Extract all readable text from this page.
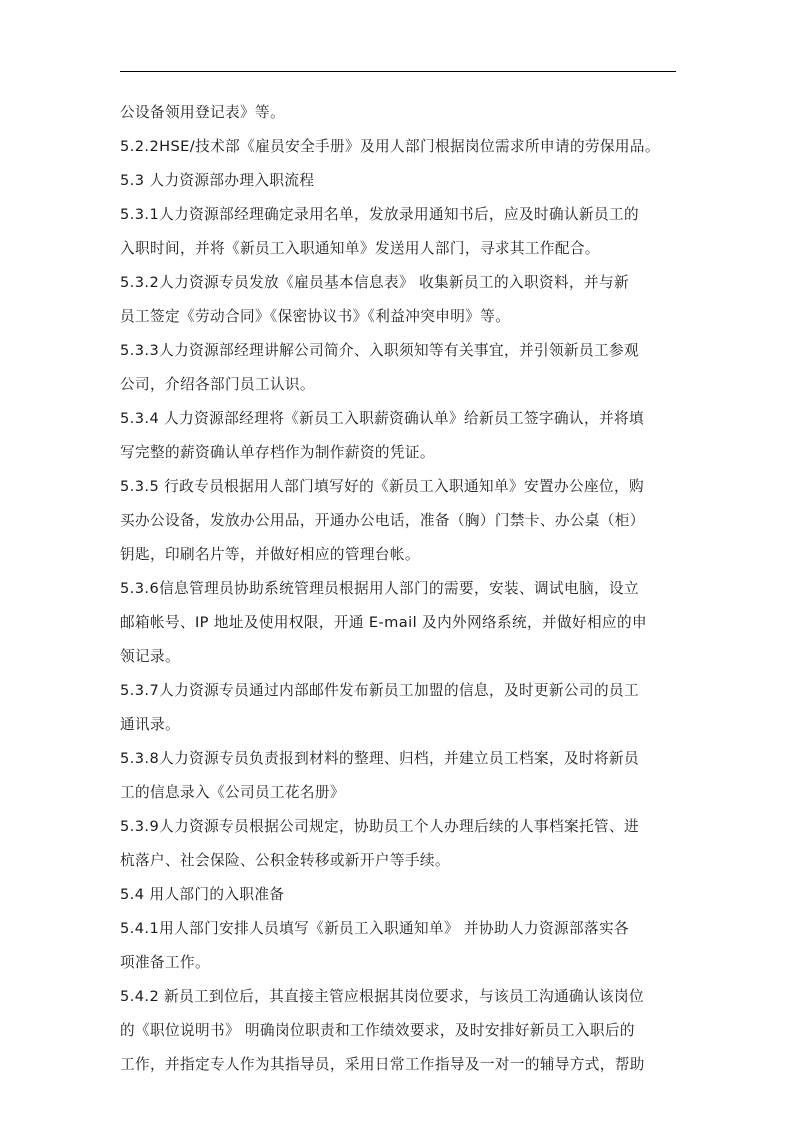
公设备领用登记表》等。
5.2.2HSE/技术部《雇员安全手册》及用人部门根据岗位需求所申请的劳保用品。
5.3 人力资源部办理入职流程
5.3.1人力资源部经理确定录用名单，发放录用通知书后，应及时确认新员工的
入职时间，并将《新员工入职通知单》发送用人部门，寻求其工作配合。
5.3.2人力资源专员发放《雇员基本信息表》 收集新员工的入职资料，并与新
员工签定《劳动合同》《保密协议书》《利益冲突申明》等。
5.3.3人力资源部经理讲解公司简介、入职须知等有关事宜，并引领新员工参观
公司，介绍各部门员工认识。
5.3.4 人力资源部经理将《新员工入职薪资确认单》给新员工签字确认，并将填
写完整的薪资确认单存档作为制作薪资的凭证。
5.3.5 行政专员根据用人部门填写好的《新员工入职通知单》安置办公座位，购
买办公设备，发放办公用品，开通办公电话，准备（胸）门禁卡、办公桌（柜）
钥匙，印刷名片等，并做好相应的管理台帐。
5.3.6信息管理员协助系统管理员根据用人部门的需要，安装、调试电脑，设立
邮箱帐号、IP 地址及使用权限，开通 E-mail 及内外网络系统，并做好相应的申
领记录。
5.3.7人力资源专员通过内部邮件发布新员工加盟的信息，及时更新公司的员工
通讯录。
5.3.8人力资源专员负责报到材料的整理、归档，并建立员工档案，及时将新员
工的信息录入《公司员工花名册》
5.3.9人力资源专员根据公司规定，协助员工个人办理后续的人事档案托管、进
杭落户、社会保险、公积金转移或新开户等手续。
5.4 用人部门的入职准备
5.4.1用人部门安排人员填写《新员工入职通知单》 并协助人力资源部落实各
项准备工作。
5.4.2 新员工到位后，其直接主管应根据其岗位要求，与该员工沟通确认该岗位
的《职位说明书》 明确岗位职责和工作绩效要求，及时安排好新员工入职后的
工作，并指定专人作为其指导员，采用日常工作指导及一对一的辅导方式，帮助
